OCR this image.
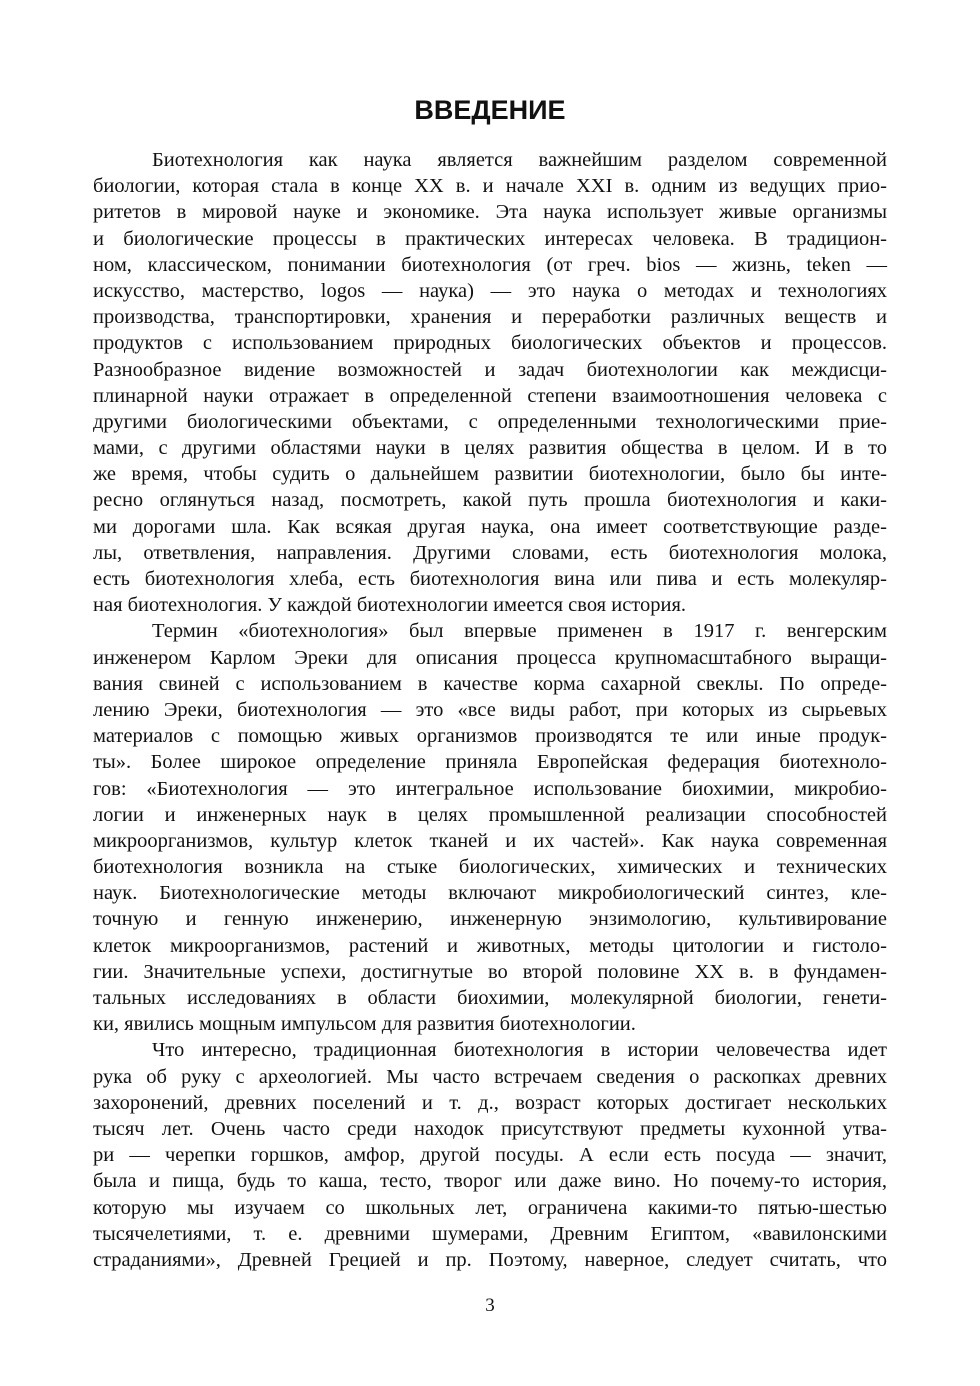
ВВЕДЕНИЕ

Биотехнология как наука является важнейшим разделом современной
биологии, которая стала в конце XX в. и начале XXI в. одним из ведущих прио-
ритетов в мировой науке и экономике. Эта наука использует живые организмы
и биологические процессы в практических интересах человека. В традицион-
ном, классическом, понимании биотехнология (от греч. bios — жизнь, teken —
искусство, мастерство, logos — наука) — это наука о методах и технологиях
производства, транспортировки, хранения и переработки различных веществ и
продуктов с использованием природных биологических объектов и процессов.
Разнообразное видение возможностей и задач биотехнологии как междисци-
плинарной науки отражает в определенной степени взаимоотношения человека с
другими биологическими объектами, с определенными технологическими прие-
мами, с другими областями науки в целях развития общества в целом. И в то
же время, чтобы судить о дальнейшем развитии биотехнологии, было бы инте-
ресно оглянуться назад, посмотреть, какой путь прошла биотехнология и каки-
ми дорогами шла. Как всякая другая наука, она имеет соответствующие разде-
лы, ответвления, направления. Другими словами, есть биотехнология молока,
есть биотехнология хлеба, есть биотехнология вина или пива и есть молекуляр-
ная биотехнология. У каждой биотехнологии имеется своя история.

Термин «биотехнология» был впервые применен в 1917 г. венгерским
инженером Карлом Эреки для описания процесса крупномасштабного выращи-
вания свиней с использованием в качестве корма сахарной свеклы. По опреде-
лению Эреки, биотехнология — это «все виды работ, при которых из сырьевых
материалов с помощью живых организмов производятся те или иные продук-
ты». Более широкое определение приняла Европейская федерация биотехноло-
гов: «Биотехнология — это интегральное использование биохимии, микробио-
логии и инженерных наук в целях промышленной реализации способностей
микроорганизмов, культур клеток тканей и их частей». Как наука современная
биотехнология возникла на стыке биологических, химических и технических
наук. Биотехнологические методы включают микробиологический синтез, кле-
точную и генную инженерию, инженерную энзимологию, культивирование
клеток микроорганизмов, растений и животных, методы цитологии и гистоло-
гии. Значительные успехи, достигнутые во второй половине XX в. в фундамен-
тальных исследованиях в области биохимии, молекулярной биологии, генети-
ки, явились мощным импульсом для развития биотехнологии.

Что интересно, традиционная биотехнология в истории человечества идет
рука об руку с археологией. Мы часто встречаем сведения о раскопках древних
захоронений, древних поселений и т. д., возраст которых достигает нескольких
тысяч лет. Очень часто среди находок присутствуют предметы кухонной утва-
ри — черепки горшков, амфор, другой посуды. А если есть посуда — значит,
была и пища, будь то каша, тесто, творог или даже вино. Но почему-то история,
которую мы изучаем со школьных лет, ограничена какими-то пятью-шестью
тысячелетиями, т. е. древними шумерами, Древним Египтом, «вавилонскими
страданиями», Древней Грецией и пр. Поэтому, наверное, следует считать, что

3
